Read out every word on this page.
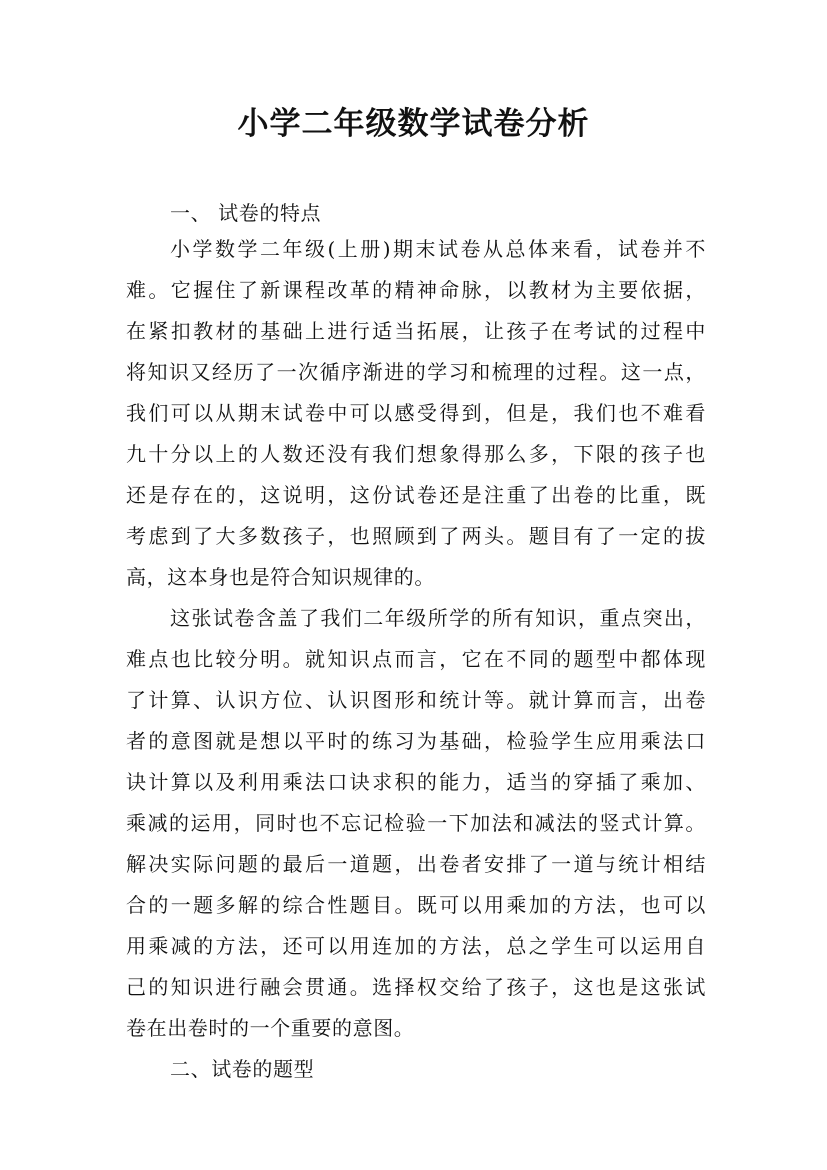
小学二年级数学试卷分析
一、 试卷的特点
小学数学二年级(上册)期末试卷从总体来看，试卷并不
难。它握住了新课程改革的精神命脉，以教材为主要依据，
在紧扣教材的基础上进行适当拓展，让孩子在考试的过程中
将知识又经历了一次循序渐进的学习和梳理的过程。这一点，
我们可以从期末试卷中可以感受得到，但是，我们也不难看
九十分以上的人数还没有我们想象得那么多，下限的孩子也
还是存在的，这说明，这份试卷还是注重了出卷的比重，既
考虑到了大多数孩子，也照顾到了两头。题目有了一定的拔
高，这本身也是符合知识规律的。
这张试卷含盖了我们二年级所学的所有知识，重点突出，
难点也比较分明。就知识点而言，它在不同的题型中都体现
了计算、认识方位、认识图形和统计等。就计算而言，出卷
者的意图就是想以平时的练习为基础，检验学生应用乘法口
诀计算以及利用乘法口诀求积的能力，适当的穿插了乘加、
乘减的运用，同时也不忘记检验一下加法和减法的竖式计算。
解决实际问题的最后一道题，出卷者安排了一道与统计相结
合的一题多解的综合性题目。既可以用乘加的方法，也可以
用乘减的方法，还可以用连加的方法，总之学生可以运用自
己的知识进行融会贯通。选择权交给了孩子，这也是这张试
卷在出卷时的一个重要的意图。
二、试卷的题型
